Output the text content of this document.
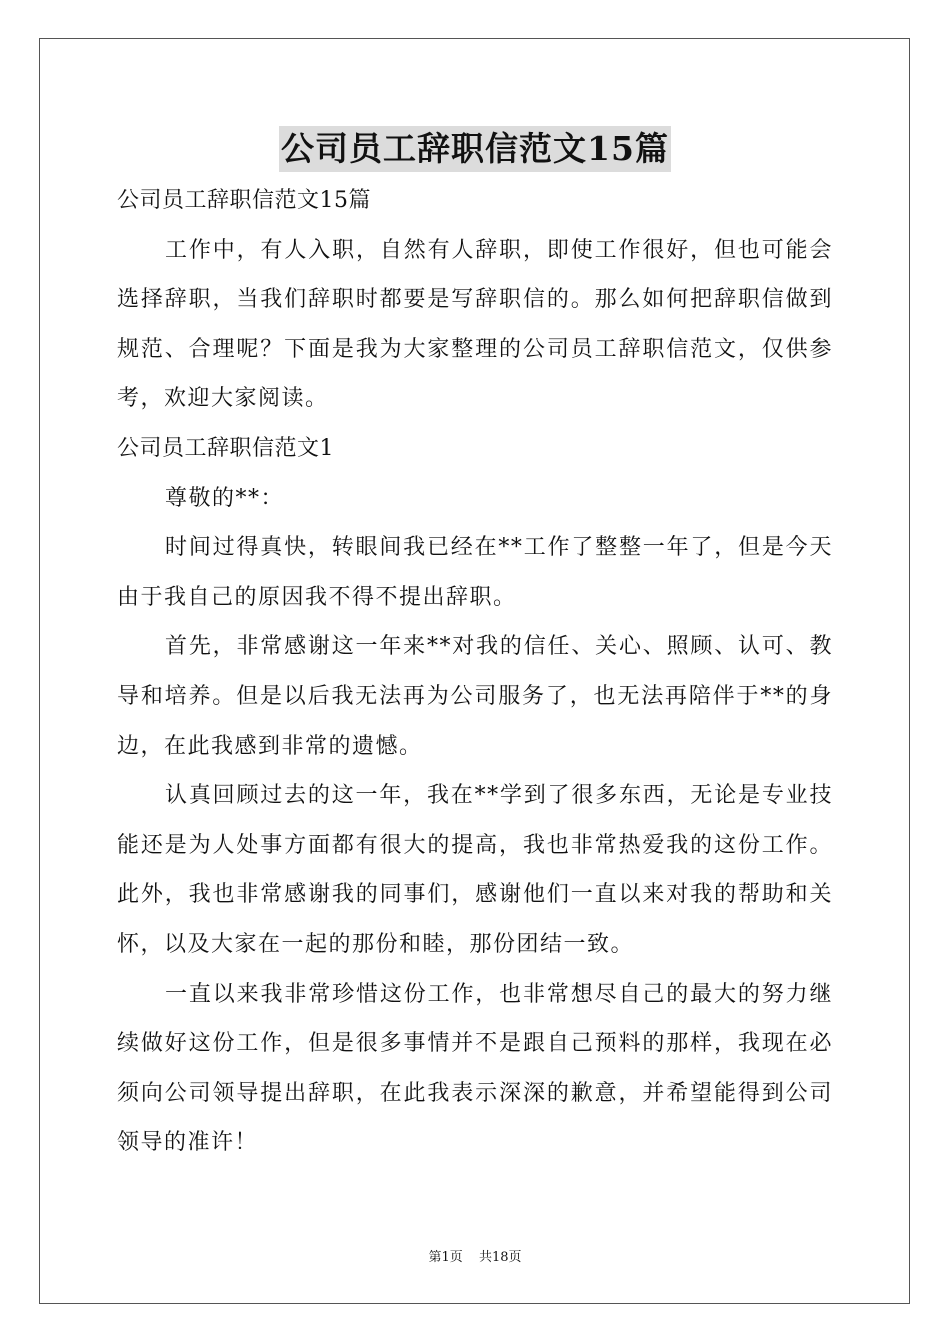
公司员工辞职信范文15篇

公司员工辞职信范文15篇

工作中，有人入职，自然有人辞职，即使工作很好，但也可能会选择辞职，当我们辞职时都要是写辞职信的。那么如何把辞职信做到规范、合理呢？下面是我为大家整理的公司员工辞职信范文，仅供参考，欢迎大家阅读。

公司员工辞职信范文1

尊敬的**：

时间过得真快，转眼间我已经在**工作了整整一年了，但是今天由于我自己的原因我不得不提出辞职。

首先，非常感谢这一年来**对我的信任、关心、照顾、认可、教导和培养。但是以后我无法再为公司服务了，也无法再陪伴于**的身边，在此我感到非常的遗憾。

认真回顾过去的这一年，我在**学到了很多东西，无论是专业技能还是为人处事方面都有很大的提高，我也非常热爱我的这份工作。此外，我也非常感谢我的同事们，感谢他们一直以来对我的帮助和关怀，以及大家在一起的那份和睦，那份团结一致。

一直以来我非常珍惜这份工作，也非常想尽自己的最大的努力继续做好这份工作，但是很多事情并不是跟自己预料的那样，我现在必须向公司领导提出辞职，在此我表示深深的歉意，并希望能得到公司领导的准许！

第1页 共18页
